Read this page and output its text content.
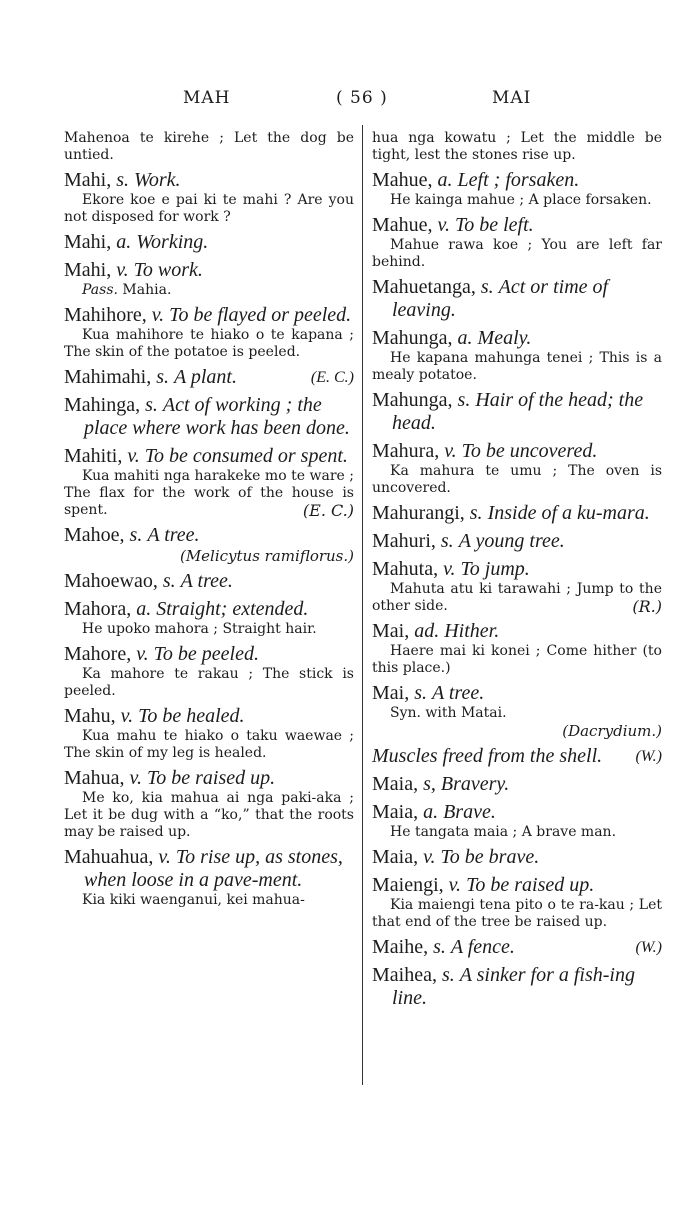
MAH	( 56 )	MAI
Mahenoa te kirehe ; Let the dog be untied.
Mahi, s. Work.
Ekore koe e pai ki te mahi ? Are you not disposed for work ?
Mahi, a. Working.
Mahi, v. To work.
Pass. Mahia.
Mahihore, v. To be flayed or peeled.
Kua mahihore te hiako o te kapana ; The skin of the potatoe is peeled.
Mahimahi, s. A plant.	(E. C.)
Mahinga, s. Act of working ; the place where work has been done.
Mahiti, v. To be consumed or spent.
Kua mahiti nga harakeke mo te ware ; The flax for the work of the house is spent.	(E. C.)
Mahoe, s. A tree.
(Melicytus ramiflorus.)
Mahoewao, s. A tree.
Mahora, a. Straight; extended.
He upoko mahora ; Straight hair.
Mahore, v. To be peeled.
Ka mahore te rakau ; The stick is peeled.
Mahu, v. To be healed.
Kua mahu te hiako o taku waewae ; The skin of my leg is healed.
Mahua, v. To be raised up.
Me ko, kia mahua ai nga paki-aka ; Let it be dug with a “ko,” that the roots may be raised up.
Mahuahua, v. To rise up, as stones, when loose in a pave-ment.
Kia kiki waenganui, kei mahua-
hua nga kowatu ; Let the middle be tight, lest the stones rise up.
Mahue, a. Left ; forsaken.
He kainga mahue ; A place forsaken.
Mahue, v. To be left.
Mahue rawa koe ; You are left far behind.
Mahuetanga, s. Act or time of leaving.
Mahunga, a. Mealy.
He kapana mahunga tenei ; This is a mealy potatoe.
Mahunga, s. Hair of the head; the head.
Mahura, v. To be uncovered.
Ka mahura te umu ; The oven is uncovered.
Mahurangi, s. Inside of a ku-mara.
Mahuri, s. A young tree.
Mahuta, v. To jump.
Mahuta atu ki tarawahi ; Jump to the other side.	(R.)
Mai, ad. Hither.
Haere mai ki konei ; Come hither (to this place.)
Mai, s. A tree.
Syn. with Matai.
(Dacrydium.)
Muscles freed from the shell. (W.)
Maia, s, Bravery.
Maia, a. Brave.
He tangata maia ; A brave man.
Maia, v. To be brave.
Maiengi, v. To be raised up.
Kia maiengi tena pito o te ra-kau ; Let that end of the tree be raised up.
Maihe, s. A fence.	(W.)
Maihea, s. A sinker for a fish-ing line.
